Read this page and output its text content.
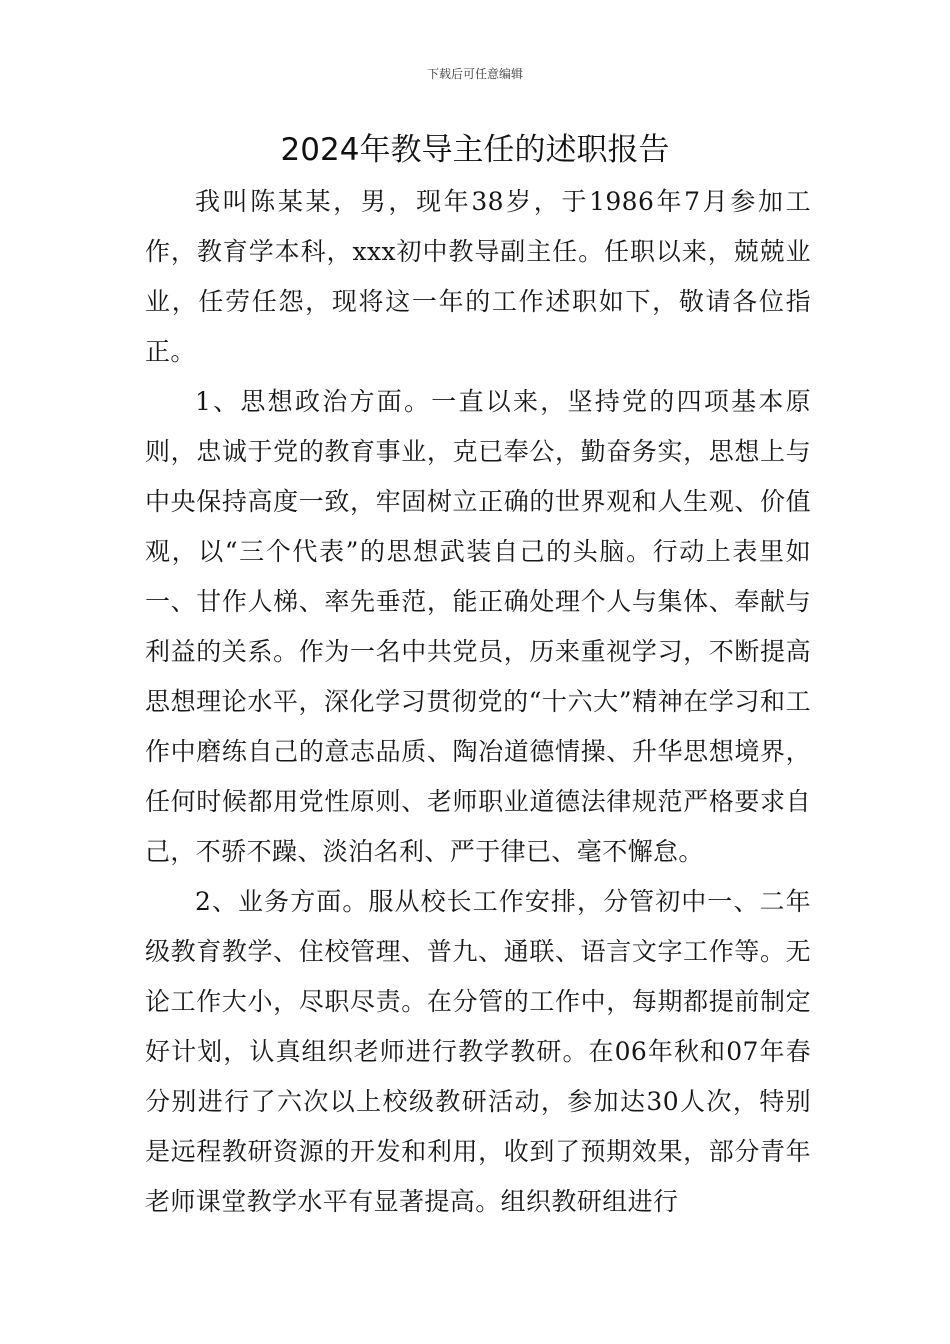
下载后可任意编辑
2024年教导主任的述职报告

我叫陈某某，男，现年38岁，于1986年7月参加工作，教育学本科，xxx初中教导副主任。任职以来，兢兢业业，任劳任怨，现将这一年的工作述职如下，敬请各位指正。

1、思想政治方面。一直以来，坚持党的四项基本原则，忠诚于党的教育事业，克已奉公，勤奋务实，思想上与中央保持高度一致，牢固树立正确的世界观和人生观、价值观，以“三个代表”的思想武装自己的头脑。行动上表里如一、甘作人梯、率先垂范，能正确处理个人与集体、奉献与利益的关系。作为一名中共党员，历来重视学习，不断提高思想理论水平，深化学习贯彻党的“十六大”精神在学习和工作中磨练自己的意志品质、陶冶道德情操、升华思想境界，任何时候都用党性原则、老师职业道德法律规范严格要求自己，不骄不躁、淡泊名利、严于律已、毫不懈怠。

2、业务方面。服从校长工作安排，分管初中一、二年级教育教学、住校管理、普九、通联、语言文字工作等。无论工作大小，尽职尽责。在分管的工作中，每期都提前制定好计划，认真组织老师进行教学教研。在06年秋和07年春分别进行了六次以上校级教研活动，参加达30人次，特别是远程教研资源的开发和利用，收到了预期效果，部分青年老师课堂教学水平有显著提高。组织教研组进行
